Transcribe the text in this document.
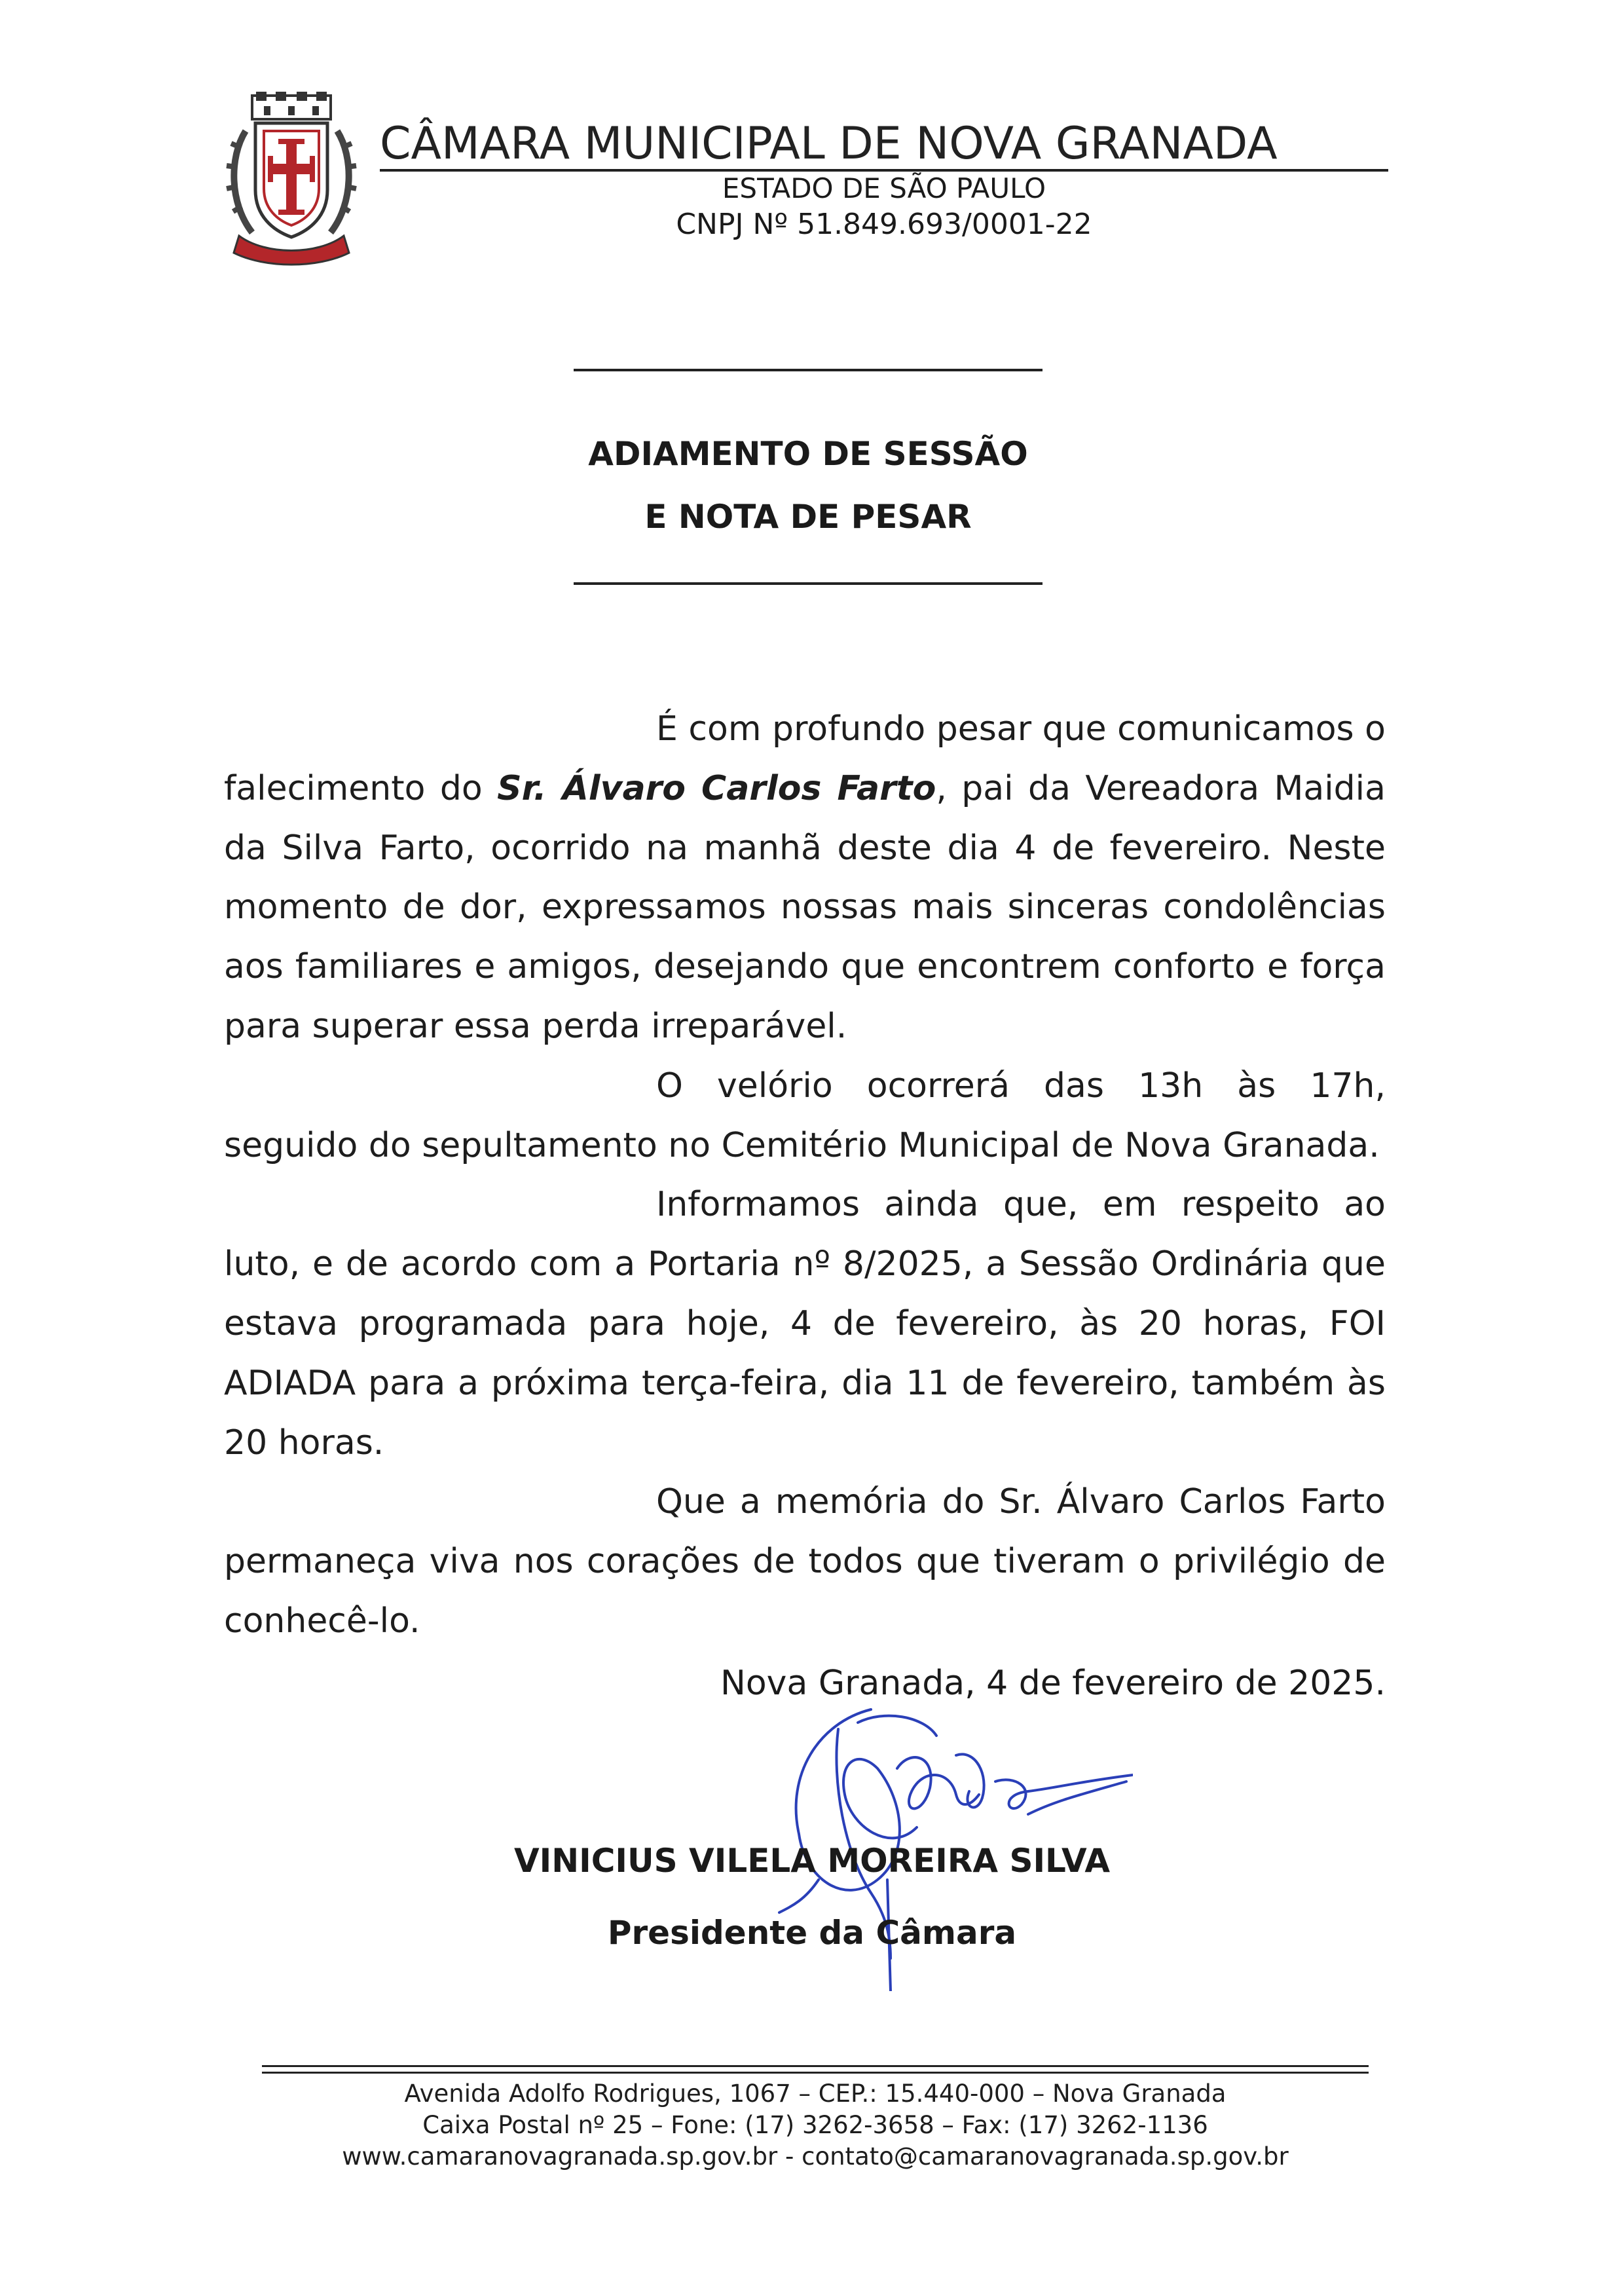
CÂMARA MUNICIPAL DE NOVA GRANADA
ESTADO DE SÃO PAULO
CNPJ Nº 51.849.693/0001-22
ADIAMENTO DE SESSÃO
E NOTA DE PESAR

É com profundo pesar que comunicamos o falecimento do Sr. Álvaro Carlos Farto, pai da Vereadora Maidia da Silva Farto, ocorrido na manhã deste dia 4 de fevereiro. Neste momento de dor, expressamos nossas mais sinceras condolências aos familiares e amigos, desejando que encontrem conforto e força para superar essa perda irreparável.

O velório ocorrerá das 13h às 17h, seguido do sepultamento no Cemitério Municipal de Nova Granada.

Informamos ainda que, em respeito ao luto, e de acordo com a Portaria nº 8/2025, a Sessão Ordinária que estava programada para hoje, 4 de fevereiro, às 20 horas, FOI ADIADA para a próxima terça-feira, dia 11 de fevereiro, também às 20 horas.

Que a memória do Sr. Álvaro Carlos Farto permaneça viva nos corações de todos que tiveram o privilégio de conhecê-lo.

Nova Granada, 4 de fevereiro de 2025.
VINICIUS VILELA MOREIRA SILVA
Presidente da Câmara
Avenida Adolfo Rodrigues, 1067 – CEP.: 15.440-000 – Nova Granada
Caixa Postal nº 25 – Fone: (17) 3262-3658 – Fax: (17) 3262-1136
www.camaranovagranada.sp.gov.br - contato@camaranovagranada.sp.gov.br
